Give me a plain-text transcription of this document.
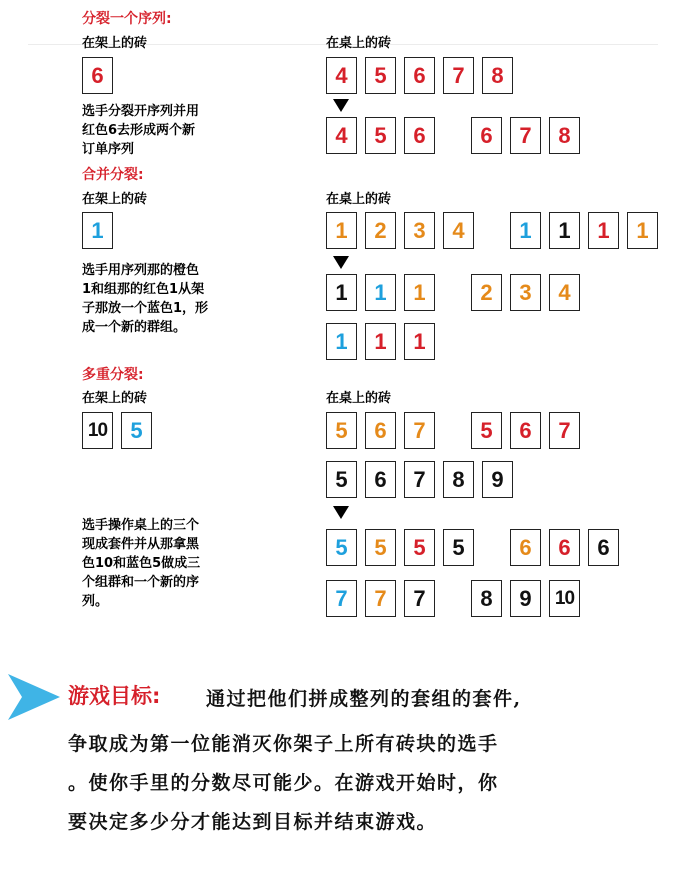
分裂一个序列:
在架上的砖	在桌上的砖
6
选手分裂开序列并用
红色6去形成两个新
订单序列
4	5	6	7	8
4	5	6	6	7	8
合并分裂:
在架上的砖	在桌上的砖
1
选手用序列那的橙色
1和组那的红色1从架
子那放一个蓝色1，形
成一个新的群组。
1	2	3	4	1	1	1	1
1	1	1	2	3	4
1	1	1
多重分裂:
在架上的砖	在桌上的砖
10	5
选手操作桌上的三个
现成套件并从那拿黑
色10和蓝色5做成三
个组群和一个新的序
列。
5	6	7	5	6	7
5	6	7	8	9
5	5	5	5	6	6	6
7	7	7	8	9	10
游戏目标: 通过把他们拼成整列的套组的套件,
争取成为第一位能消灭你架子上所有砖块的选手
。使你手里的分数尽可能少。在游戏开始时，你
要决定多少分才能达到目标并结束游戏。
